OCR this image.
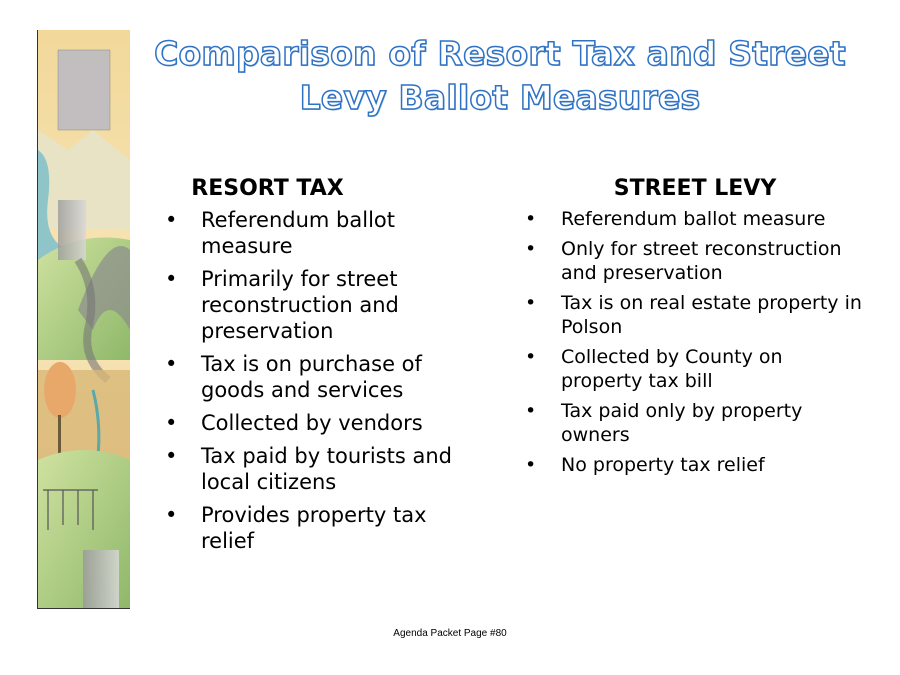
Comparison of Resort Tax and Street Levy Ballot Measures
RESORT TAX
• Referendum ballot measure
• Primarily for street reconstruction and preservation
• Tax is on purchase of goods and services
• Collected by vendors
• Tax paid by tourists and local citizens
• Provides property tax relief
STREET LEVY
• Referendum ballot measure
• Only for street reconstruction and preservation
• Tax is on real estate property in Polson
• Collected by County on property tax bill
• Tax paid only by property owners
• No property tax relief
Agenda Packet Page #80
